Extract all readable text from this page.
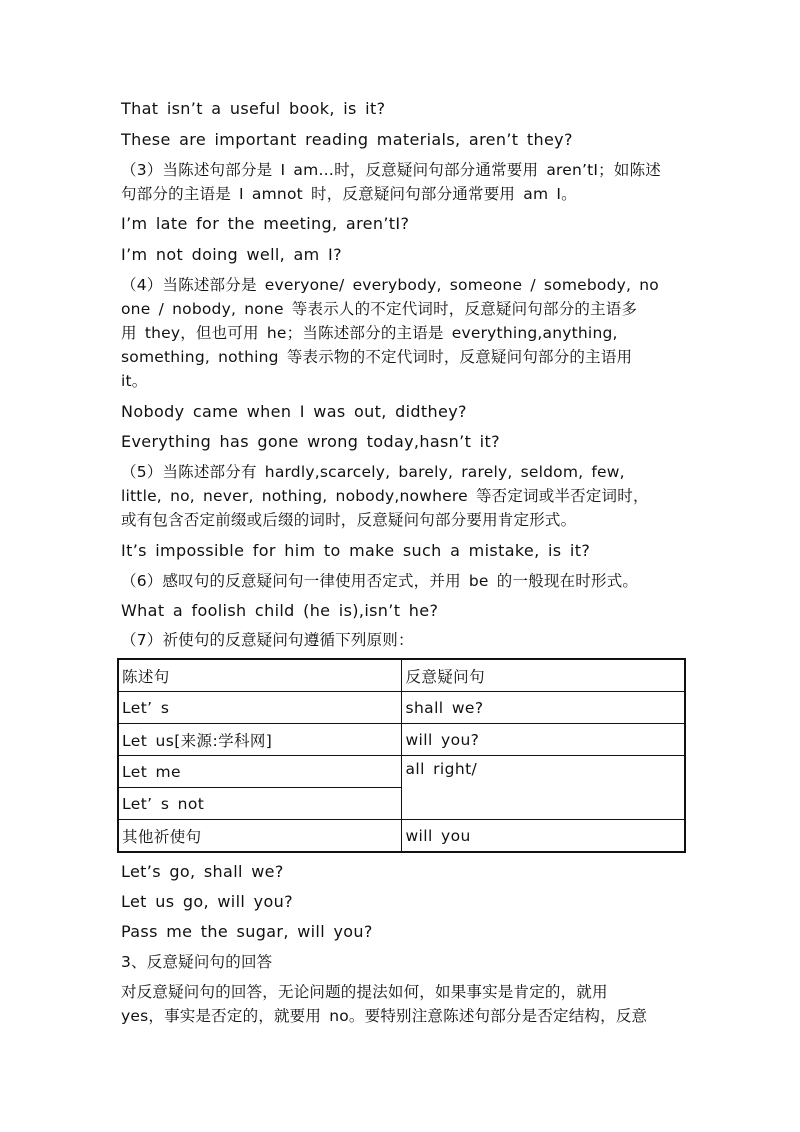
That isn’t a useful book, is it?
These are important reading materials, aren’t they?
（3）当陈述句部分是 I am…时，反意疑问句部分通常要用 aren’tI；如陈述
句部分的主语是 I amnot 时，反意疑问句部分通常要用 am I。
I’m late for the meeting, aren’tI?
I’m not doing well, am I?
（4）当陈述部分是 everyone/ everybody, someone / somebody, no
one / nobody, none 等表示人的不定代词时，反意疑问句部分的主语多
用 they，但也可用 he；当陈述部分的主语是 everything,anything,
something, nothing 等表示物的不定代词时，反意疑问句部分的主语用
it。
Nobody came when I was out, didthey?
Everything has gone wrong today,hasn’t it?
（5）当陈述部分有 hardly,scarcely, barely, rarely, seldom, few,
little, no, never, nothing, nobody,nowhere 等否定词或半否定词时，
或有包含否定前缀或后缀的词时，反意疑问句部分要用肯定形式。
It’s impossible for him to make such a mistake, is it?
（6）感叹句的反意疑问句一律使用否定式，并用 be 的一般现在时形式。
What a foolish child (he is),isn’t he?
（7）祈使句的反意疑问句遵循下列原则：
陈述句	反意疑问句
Let’ s	shall we?
Let us[来源:学科网]	will you?
Let me	all right/
Let’ s not	
其他祈使句	will you
Let’s go, shall we?
Let us go, will you?
Pass me the sugar, will you?
3、反意疑问句的回答
对反意疑问句的回答，无论问题的提法如何，如果事实是肯定的，就用
yes，事实是否定的，就要用 no。要特别注意陈述句部分是否定结构，反意
